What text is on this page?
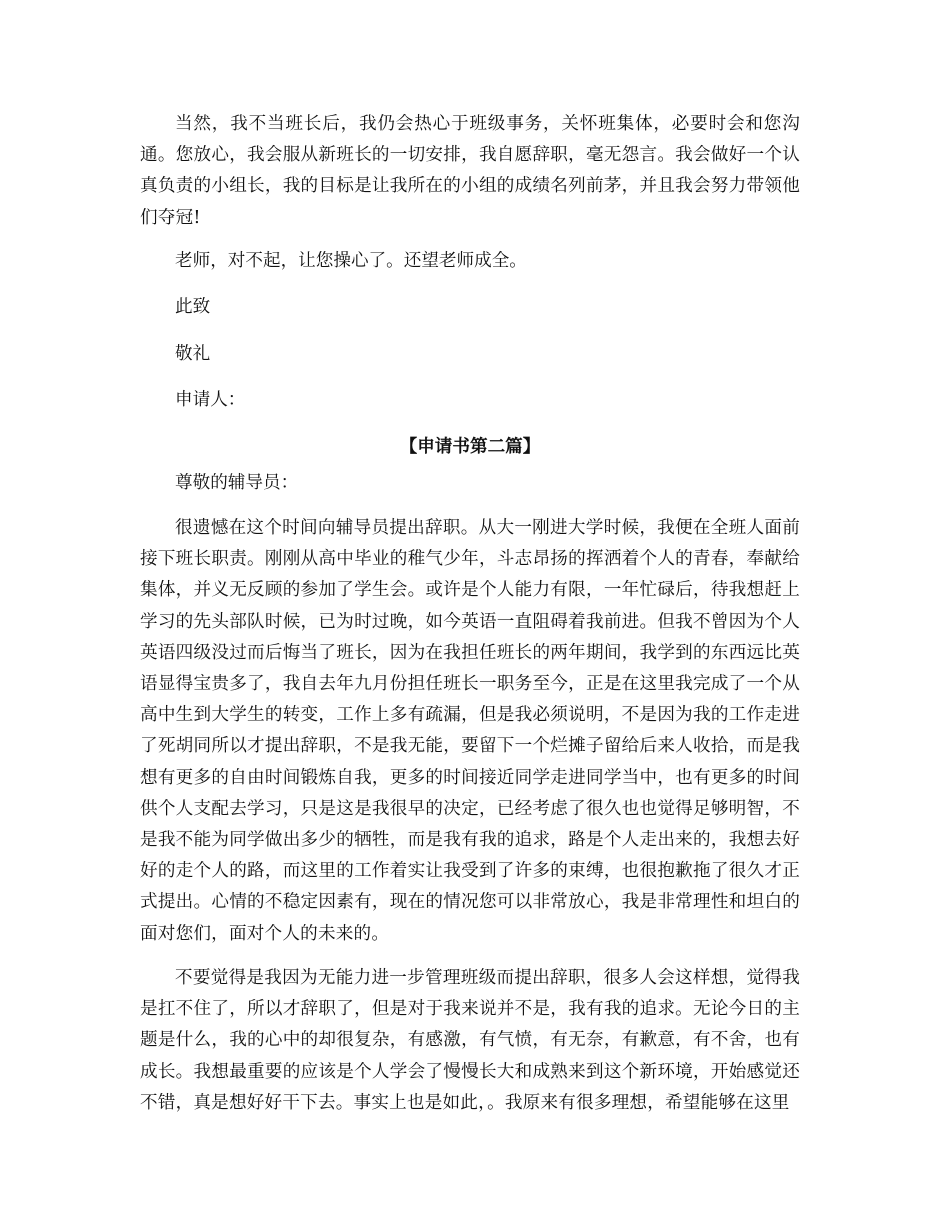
当然，我不当班长后，我仍会热心于班级事务，关怀班集体，必要时会和您沟通。您放心，我会服从新班长的一切安排，我自愿辞职，毫无怨言。我会做好一个认真负责的小组长，我的目标是让我所在的小组的成绩名列前茅，并且我会努力带领他们夺冠!

老师，对不起，让您操心了。还望老师成全。

此致

敬礼

申请人：

【申请书第二篇】

尊敬的辅导员：

很遗憾在这个时间向辅导员提出辞职。从大一刚进大学时候，我便在全班人面前接下班长职责。刚刚从高中毕业的稚气少年，斗志昂扬的挥洒着个人的青春，奉献给集体，并义无反顾的参加了学生会。或许是个人能力有限，一年忙碌后，待我想赶上学习的先头部队时候，已为时过晚，如今英语一直阻碍着我前进。但我不曾因为个人英语四级没过而后悔当了班长，因为在我担任班长的两年期间，我学到的东西远比英语显得宝贵多了，我自去年九月份担任班长一职务至今，正是在这里我完成了一个从高中生到大学生的转变，工作上多有疏漏，但是我必须说明，不是因为我的工作走进了死胡同所以才提出辞职，不是我无能，要留下一个烂摊子留给后来人收拾，而是我想有更多的自由时间锻炼自我，更多的时间接近同学走进同学当中，也有更多的时间供个人支配去学习，只是这是我很早的决定，已经考虑了很久也也觉得足够明智，不是我不能为同学做出多少的牺牲，而是我有我的追求，路是个人走出来的，我想去好好的走个人的路，而这里的工作着实让我受到了许多的束缚，也很抱歉拖了很久才正式提出。心情的不稳定因素有，现在的情况您可以非常放心，我是非常理性和坦白的面对您们，面对个人的未来的。

不要觉得是我因为无能力进一步管理班级而提出辞职，很多人会这样想，觉得我是扛不住了，所以才辞职了，但是对于我来说并不是，我有我的追求。无论今日的主题是什么，我的心中的却很复杂，有感激，有气愤，有无奈，有歉意，有不舍，也有成长。我想最重要的应该是个人学会了慢慢长大和成熟来到这个新环境，开始感觉还不错，真是想好好干下去。事实上也是如此，。我原来有很多理想，希望能够在这里
